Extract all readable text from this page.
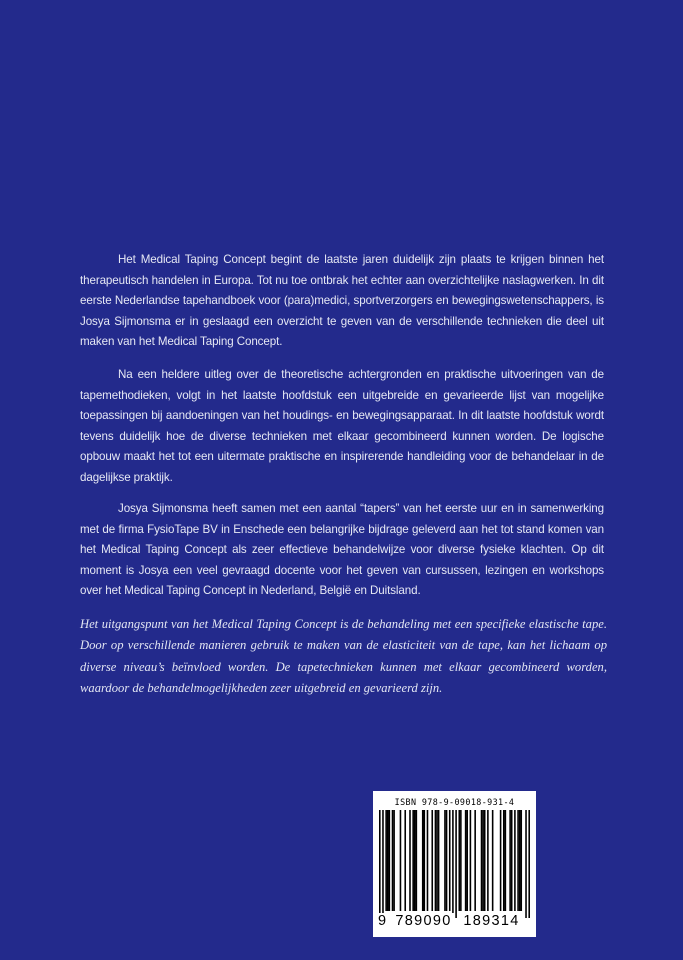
Het Medical Taping Concept begint de laatste jaren duidelijk zijn plaats te krijgen binnen het therapeutisch handelen in Europa. Tot nu toe ontbrak het echter aan overzichtelijke naslagwerken. In dit eerste Nederlandse tapehandboek voor (para)medici, sportverzorgers en bewegingswetenschappers, is Josya Sijmonsma er in geslaagd een overzicht te geven van de verschillende technieken die deel uit maken van het Medical Taping Concept.

Na een heldere uitleg over de theoretische achtergronden en praktische uitvoeringen van de tapemethodieken, volgt in het laatste hoofdstuk een uitgebreide en gevarieerde lijst van mogelijke toepassingen bij aandoeningen van het houdings- en bewegingsapparaat. In dit laatste hoofdstuk wordt tevens duidelijk hoe de diverse technieken met elkaar gecombineerd kunnen worden. De logische opbouw maakt het tot een uitermate praktische en inspirerende handleiding voor de behandelaar in de dagelijkse praktijk.

Josya Sijmonsma heeft samen met een aantal “tapers” van het eerste uur en in samenwerking met de firma FysioTape BV in Enschede een belangrijke bijdrage geleverd aan het tot stand komen van het Medical Taping Concept als zeer effectieve behandelwijze voor diverse fysieke klachten. Op dit moment is Josya een veel gevraagd docente voor het geven van cursussen, lezingen en workshops over het Medical Taping Concept in Nederland, België en Duitsland.

Het uitgangspunt van het Medical Taping Concept is de behandeling met een specifieke elastische tape. Door op verschillende manieren gebruik te maken van de elasticiteit van de tape, kan het lichaam op diverse niveau’s beïnvloed worden. De tapetechnieken kunnen met elkaar gecombineerd worden, waardoor de behandelmogelijkheden zeer uitgebreid en gevarieerd zijn.

ISBN 978-9-09018-931-4
9 789090 189314
